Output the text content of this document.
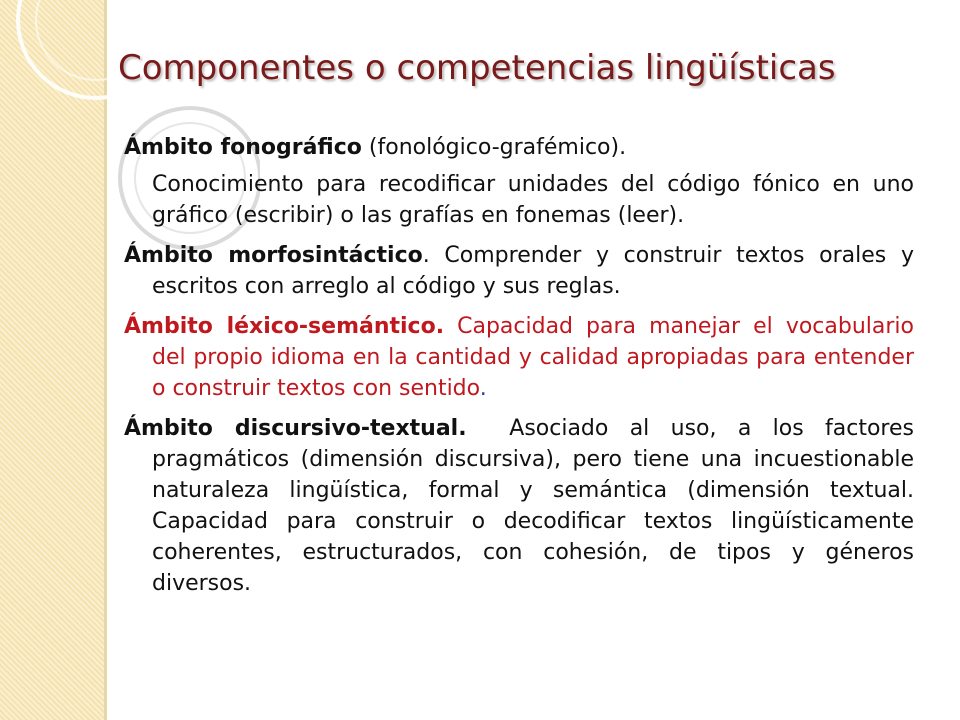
Componentes o competencias lingüísticas

Ámbito fonográfico (fonológico-grafémico).

Conocimiento para recodificar unidades del código fónico en uno gráfico (escribir) o las grafías en fonemas (leer).

Ámbito morfosintáctico. Comprender y construir textos orales y escritos con arreglo al código y sus reglas.

Ámbito léxico-semántico. Capacidad para manejar el vocabulario del propio idioma en la cantidad y calidad apropiadas para entender o construir textos con sentido.

Ámbito discursivo-textual.  Asociado al uso, a los factores pragmáticos (dimensión discursiva), pero tiene una incuestionable naturaleza lingüística, formal y semántica (dimensión textual.  Capacidad para construir o decodificar textos lingüísticamente coherentes, estructurados, con cohesión, de tipos y géneros diversos.
